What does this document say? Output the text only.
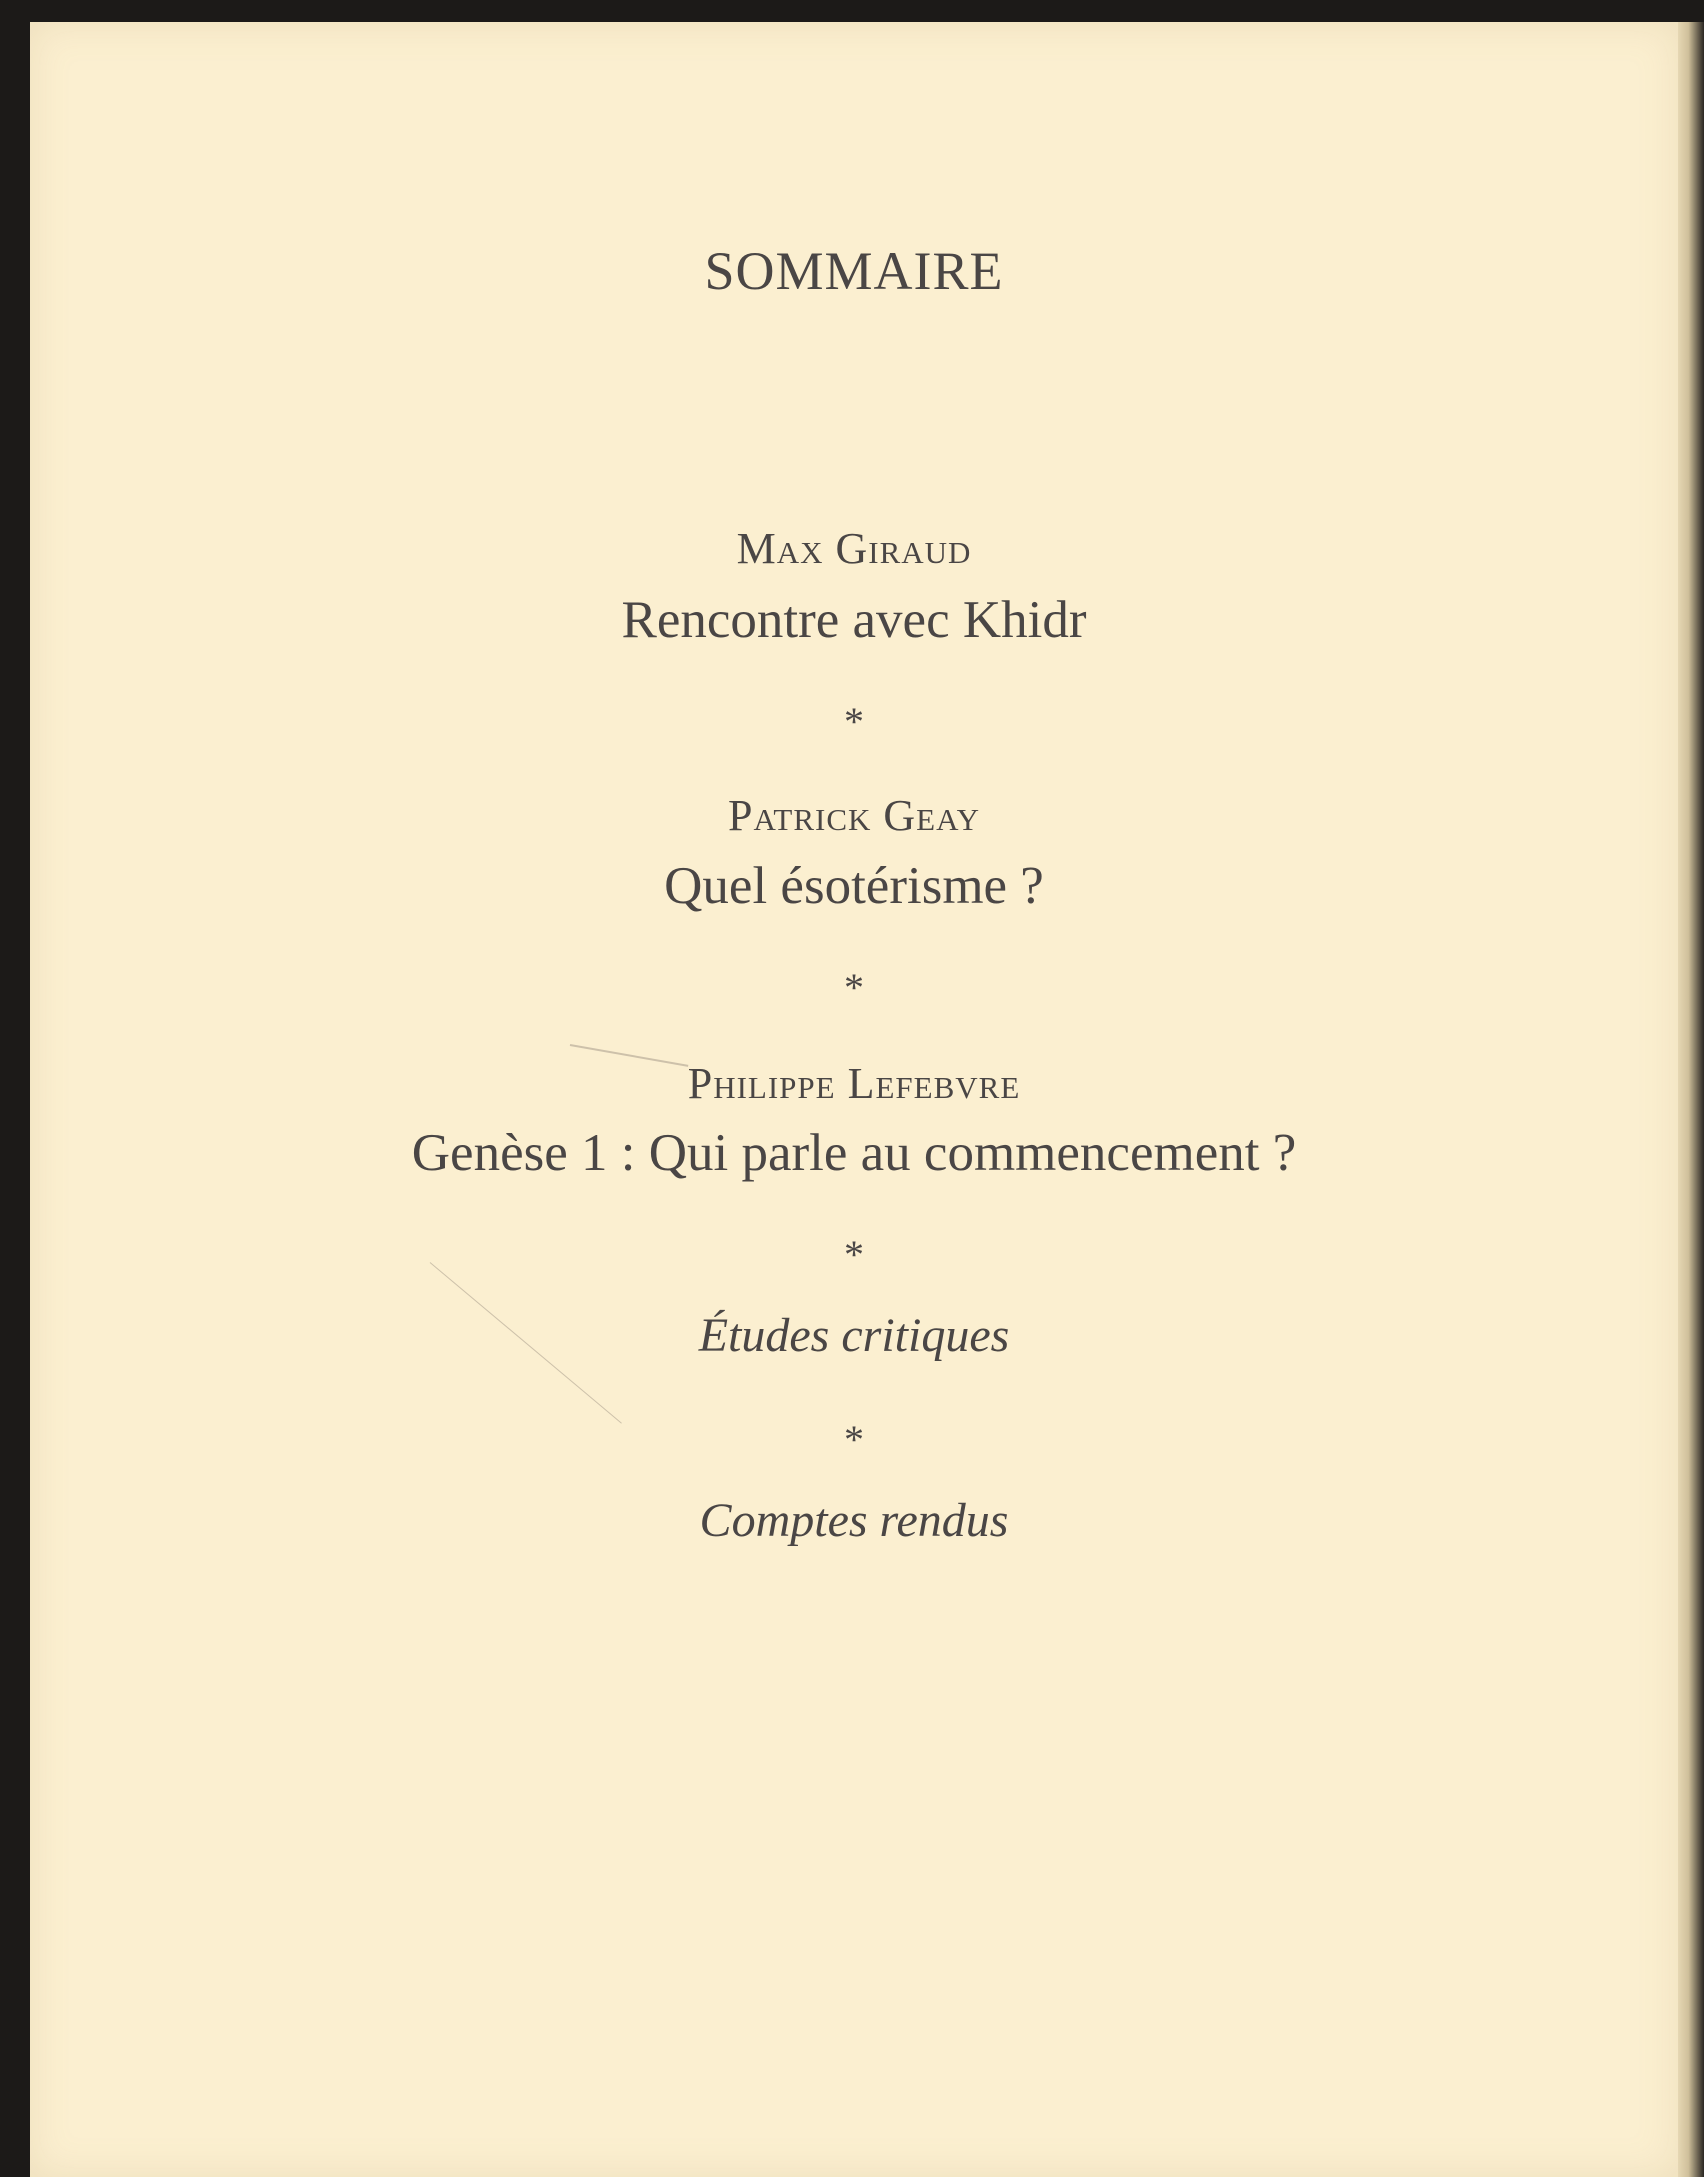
SOMMAIRE
Max Giraud
Rencontre avec Khidr
*
Patrick Geay
Quel ésotérisme ?
*
Philippe Lefebvre
Genèse 1 : Qui parle au commencement ?
*
Études critiques
*
Comptes rendus
